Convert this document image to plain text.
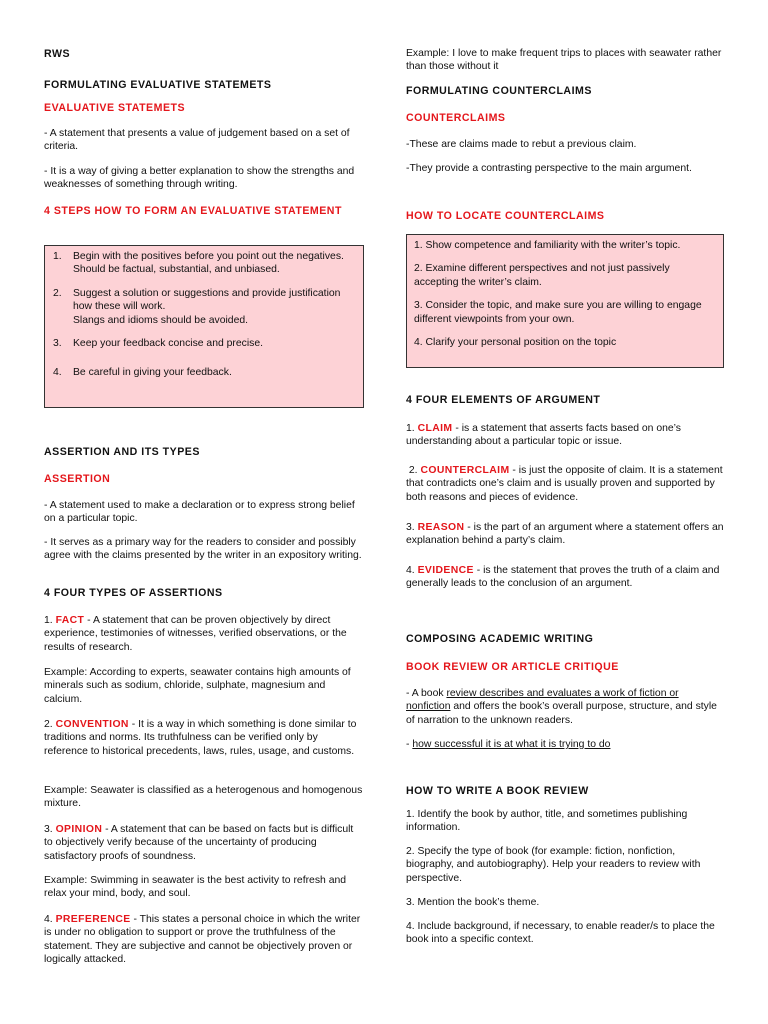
RWS

FORMULATING EVALUATIVE STATEMETS

EVALUATIVE STATEMETS

- A statement that presents a value of judgement based on a set of criteria.

- It is a way of giving a better explanation to show the strengths and weaknesses of something through writing.

4 STEPS HOW TO FORM AN EVALUATIVE STATEMENT

1. Begin with the positives before you point out the negatives. Should be factual, substantial, and unbiased.
2. Suggest a solution or suggestions and provide justification how these will work.
Slangs and idioms should be avoided.
3. Keep your feedback concise and precise.
4. Be careful in giving your feedback.

ASSERTION AND ITS TYPES

ASSERTION

- A statement used to make a declaration or to express strong belief on a particular topic.

- It serves as a primary way for the readers to consider and possibly agree with the claims presented by the writer in an expository writing.

4 FOUR TYPES OF ASSERTIONS

1. FACT - A statement that can be proven objectively by direct experience, testimonies of witnesses, verified observations, or the results of research.

Example: According to experts, seawater contains high amounts of minerals such as sodium, chloride, sulphate, magnesium and calcium.

2. CONVENTION - It is a way in which something is done similar to traditions and norms. Its truthfulness can be verified only by reference to historical precedents, laws, rules, usage, and customs.

Example: Seawater is classified as a heterogenous and homogenous mixture.

3. OPINION - A statement that can be based on facts but is difficult to objectively verify because of the uncertainty of producing satisfactory proofs of soundness.

Example: Swimming in seawater is the best activity to refresh and relax your mind, body, and soul.

4. PREFERENCE - This states a personal choice in which the writer is under no obligation to support or prove the truthfulness of the statement. They are subjective and cannot be objectively proven or logically attacked.

Example: I love to make frequent trips to places with seawater rather than those without it

FORMULATING COUNTERCLAIMS

COUNTERCLAIMS

-These are claims made to rebut a previous claim.

-They provide a contrasting perspective to the main argument.

HOW TO LOCATE COUNTERCLAIMS

1. Show competence and familiarity with the writer’s topic.

2. Examine different perspectives and not just passively accepting the writer’s claim.

3. Consider the topic, and make sure you are willing to engage different viewpoints from your own.

4. Clarify your personal position on the topic

4 FOUR ELEMENTS OF ARGUMENT

1. CLAIM - is a statement that asserts facts based on one’s understanding about a particular topic or issue.

2. COUNTERCLAIM - is just the opposite of claim. It is a statement that contradicts one’s claim and is usually proven and supported by both reasons and pieces of evidence.

3. REASON - is the part of an argument where a statement offers an explanation behind a party’s claim.

4. EVIDENCE - is the statement that proves the truth of a claim and generally leads to the conclusion of an argument.

COMPOSING ACADEMIC WRITING

BOOK REVIEW OR ARTICLE CRITIQUE

- A book review describes and evaluates a work of fiction or nonfiction and offers the book’s overall purpose, structure, and style of narration to the unknown readers.

- how successful it is at what it is trying to do

HOW TO WRITE A BOOK REVIEW

1. Identify the book by author, title, and sometimes publishing information.

2. Specify the type of book (for example: fiction, nonfiction, biography, and autobiography). Help your readers to review with perspective.

3. Mention the book’s theme.

4. Include background, if necessary, to enable reader/s to place the book into a specific context.
